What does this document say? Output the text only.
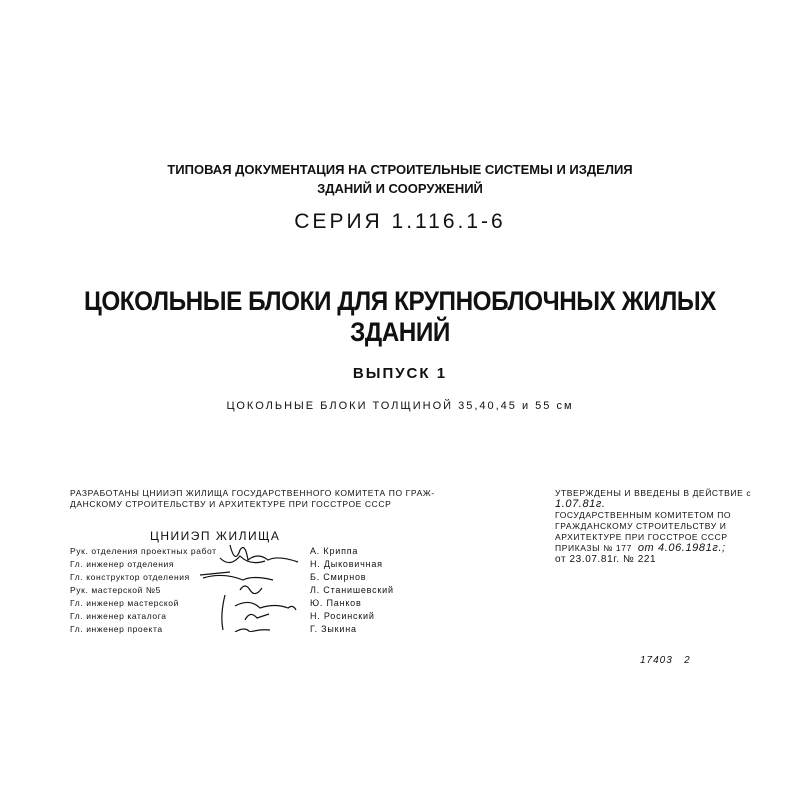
ТИПОВАЯ ДОКУМЕНТАЦИЯ НА СТРОИТЕЛЬНЫЕ СИСТЕМЫ И ИЗДЕЛИЯ
ЗДАНИЙ И СООРУЖЕНИЙ
СЕРИЯ 1.116.1-6
ЦОКОЛЬНЫЕ БЛОКИ ДЛЯ КРУПНОБЛОЧНЫХ ЖИЛЫХ ЗДАНИЙ
ВЫПУСК 1
ЦОКОЛЬНЫЕ БЛОКИ ТОЛЩИНОЙ 35,40,45 и 55 см
РАЗРАБОТАНЫ ЦНИИЭП ЖИЛИЩА ГОСУДАРСТВЕННОГО КОМИТЕТА ПО ГРАЖ-
ДАНСКОМУ СТРОИТЕЛЬСТВУ И АРХИТЕКТУРЕ ПРИ ГОССТРОЕ СССР
ЦНИИЭП ЖИЛИЩА
Рук. отделения проектных работ
Гл. инженер отделения
Гл. конструктор отделения
Рук. мастерской №5
Гл. инженер мастерской
Гл. инженер каталога
Гл. инженер проекта
А. Криппа
Н. Дыковичная
Б. Смирнов
Л. Станишевский
Ю. Панков
Н. Росинский
Г. Зыкина
УТВЕРЖДЕНЫ И ВВЕДЕНЫ В ДЕЙСТВИЕ с 1.07.81г.
ГОСУДАРСТВЕННЫМ КОМИТЕТОМ ПО
ГРАЖДАНСКОМУ СТРОИТЕЛЬСТВУ И
АРХИТЕКТУРЕ ПРИ ГОССТРОЕ СССР
ПРИКАЗЫ № 177 от 4.06.1981г.;
от 23.07.81г. № 221
17403   2
